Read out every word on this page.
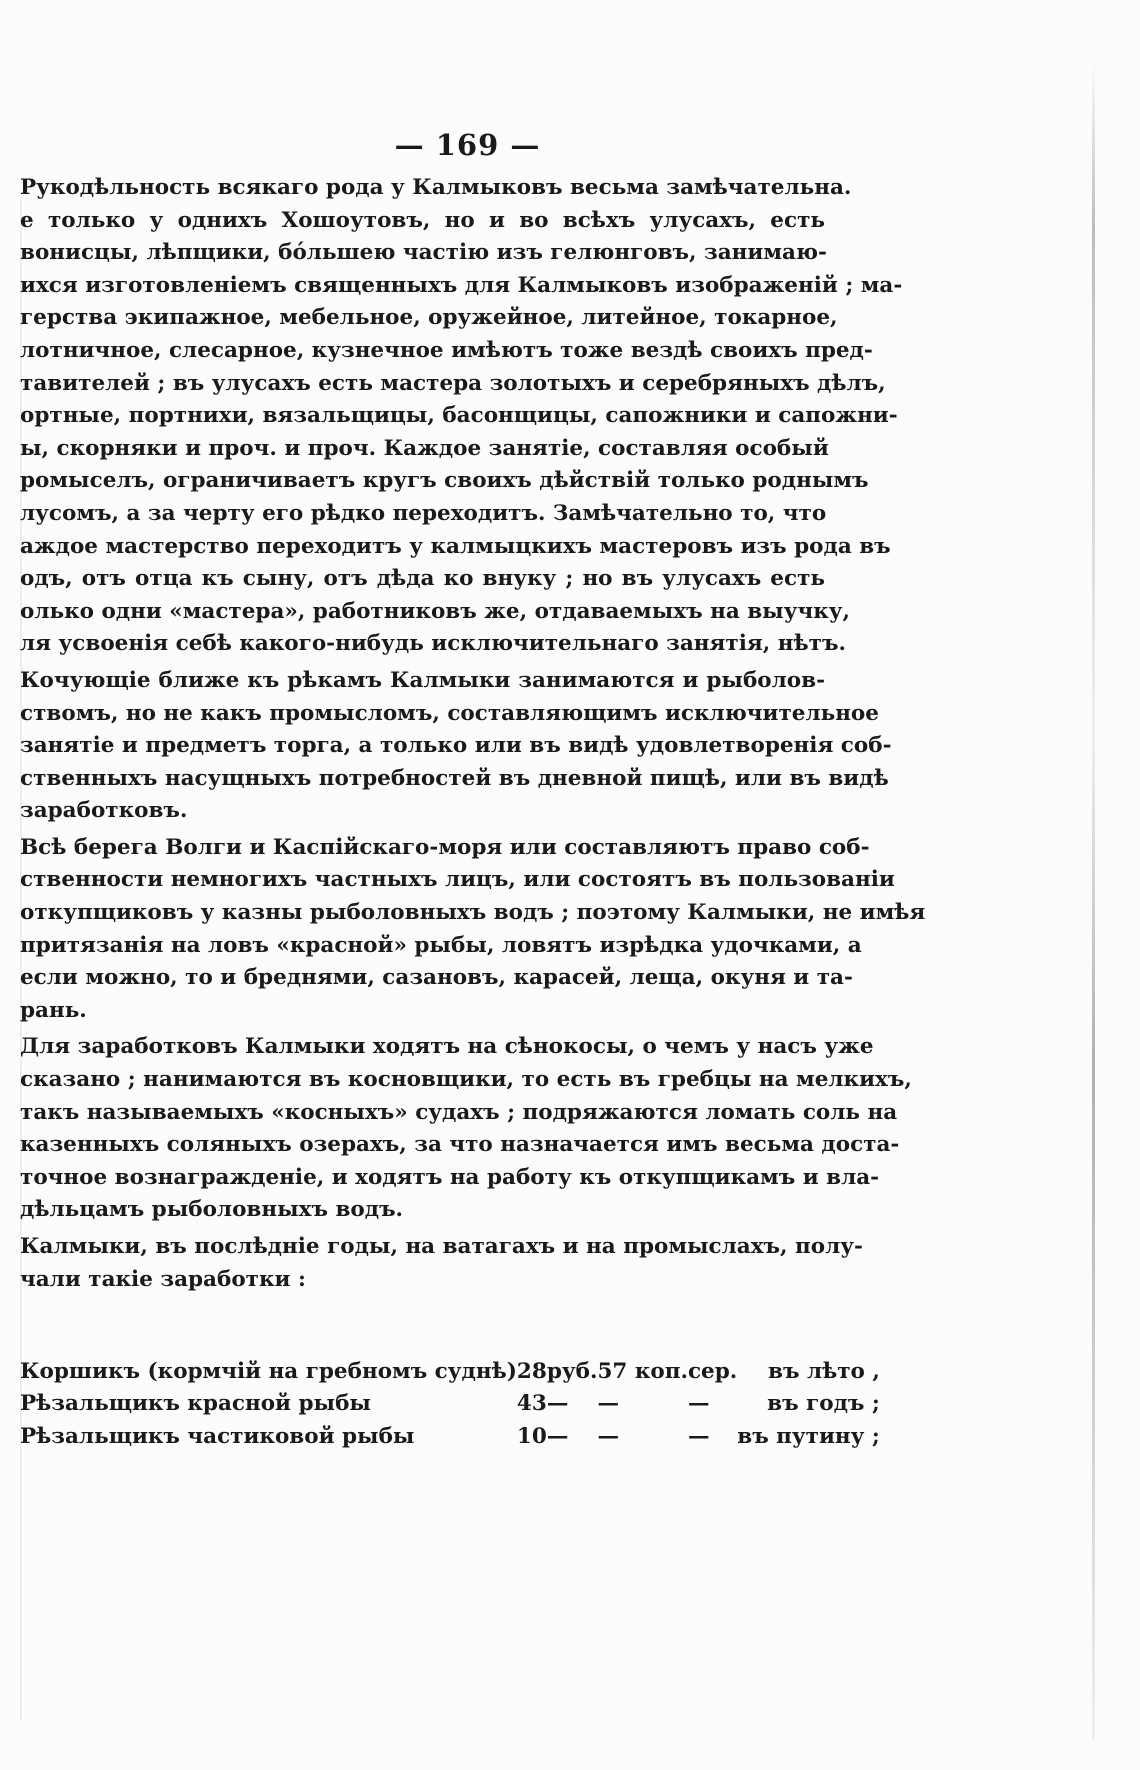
— 169 —

Рукодѣльность всякаго рода у Калмыковъ весьма замѣчательна.
е только у однихъ Хошоутовъ, но и во всѣхъ улусахъ, есть
вонисцы, лѣпщики, бо́льшею частію изъ гелюнговъ, занимаю-
ихся изготовленіемъ священныхъ для Калмыковъ изображеній ; ма-
герства экипажное, мебельное, оружейное, литейное, токарное,
лотничное, слесарное, кузнечное имѣютъ тоже вездѣ своихъ пред-
тавителей ; въ улусахъ есть мастера золотыхъ и серебряныхъ дѣлъ,
ортные, портнихи, вязальщицы, басонщицы, сапожники и сапожни-
ы, скорняки и проч. и проч. Каждое занятіе, составляя особый
ромыселъ, ограничиваетъ кругъ своихъ дѣйствій только роднымъ
лусомъ, а за черту его рѣдко переходитъ. Замѣчательно то, что
аждое мастерство переходитъ у калмыцкихъ мастеровъ изъ рода въ
одъ, отъ отца къ сыну, отъ дѣда ко внуку ; но въ улусахъ есть
олько одни «мастера», работниковъ же, отдаваемыхъ на выучку,
ля усвоенія себѣ какого-нибудь исключительнаго занятія, нѣтъ.

Кочующіе ближе къ рѣкамъ Калмыки занимаются и рыболов-
ствомъ, но не какъ промысломъ, составляющимъ исключительное
занятіе и предметъ торга, а только или въ видѣ удовлетворенія соб-
ственныхъ насущныхъ потребностей въ дневной пищѣ, или въ видѣ
заработковъ.

Всѣ берега Волги и Каспійскаго-моря или составляютъ право соб-
ственности немногихъ частныхъ лицъ, или состоятъ въ пользованіи
откупщиковъ у казны рыболовныхъ водъ ; поэтому Калмыки, не имѣя
притязанія на ловъ «красной» рыбы, ловятъ изрѣдка удочками, а
если можно, то и бреднями, сазановъ, карасей, леща, окуня и та-
рань.

Для заработковъ Калмыки ходятъ на сѣнокосы, о чемъ у насъ уже
сказано ; нанимаются въ косновщики, то есть въ гребцы на мелкихъ,
такъ называемыхъ «косныхъ» судахъ ; подряжаются ломать соль на
казенныхъ соляныхъ озерахъ, за что назначается имъ весьма доста-
точное вознагражденіе, и ходятъ на работу къ откупщикамъ и вла-
дѣльцамъ рыболовныхъ водъ.

Калмыки, въ послѣдніе годы, на ватагахъ и на промыслахъ, полу-
чали такіе заработки :

Коршикъ (кормчій на гребномъ суднѣ)	28	руб.	57 коп.	сер.	въ лѣто ,
Рѣзальщикъ красной рыбы	43	—	—	—	въ годъ ;
Рѣзальщикъ частиковой рыбы	10	—	—	—	въ путину ;
